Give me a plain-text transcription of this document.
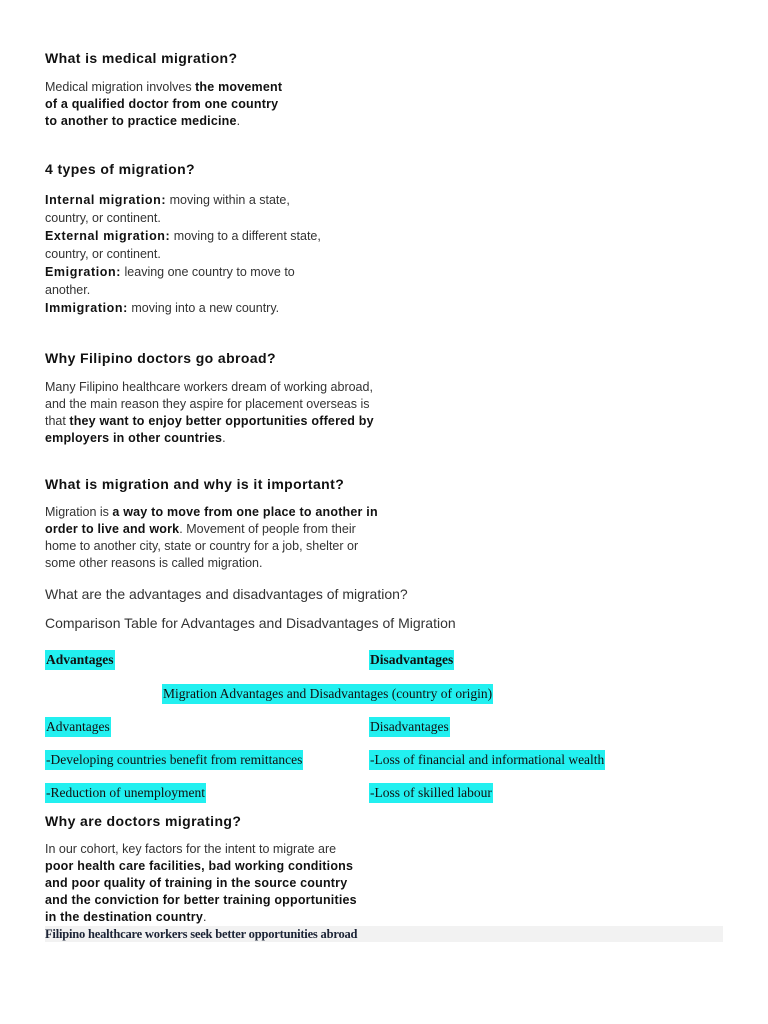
What is medical migration?
Medical migration involves the movement
of a qualified doctor from one country
to another to practice medicine.
4 types of migration?
Internal migration: moving within a state,
country, or continent.
External migration: moving to a different state,
country, or continent.
Emigration: leaving one country to move to
another.
Immigration: moving into a new country.
Why Filipino doctors go abroad?
Many Filipino healthcare workers dream of working abroad,
and the main reason they aspire for placement overseas is
that they want to enjoy better opportunities offered by
employers in other countries.
What is migration and why is it important?
Migration is a way to move from one place to another in
order to live and work. Movement of people from their
home to another city, state or country for a job, shelter or
some other reasons is called migration.
What are the advantages and disadvantages of migration?
Comparison Table for Advantages and Disadvantages of Migration
Advantages	Disadvantages
Migration Advantages and Disadvantages (country of origin)
Advantages	Disadvantages
-Developing countries benefit from remittances	-Loss of financial and informational wealth
-Reduction of unemployment	-Loss of skilled labour
Why are doctors migrating?
In our cohort, key factors for the intent to migrate are
poor health care facilities, bad working conditions
and poor quality of training in the source country
and the conviction for better training opportunities
in the destination country.
Filipino healthcare workers seek better opportunities abroad
